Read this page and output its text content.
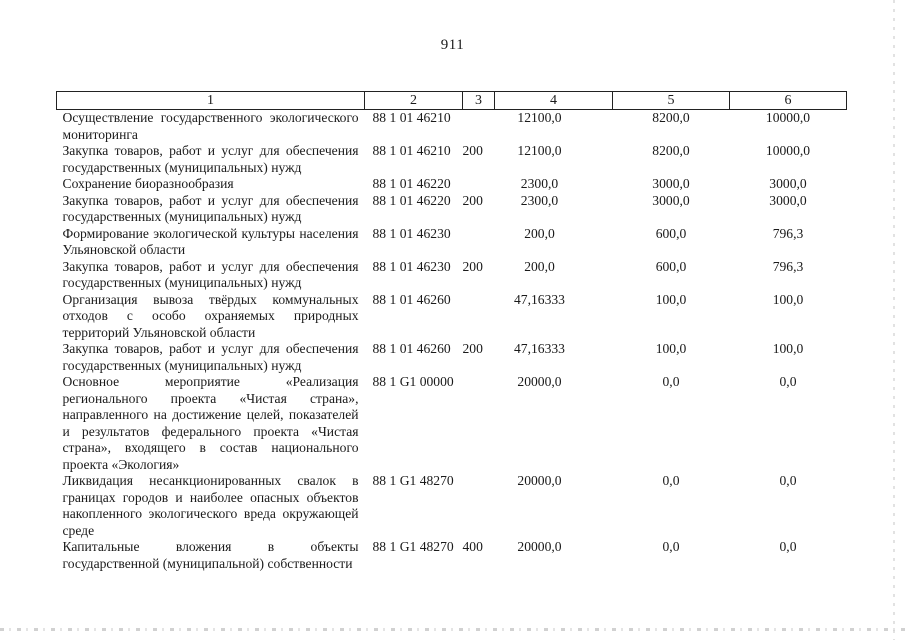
911
1	2	3	4	5	6
Осуществление государственного экологического мониторинга	88 1 01 46210		12100,0	8200,0	10000,0
Закупка товаров, работ и услуг для обеспечения государственных (муниципальных) нужд	88 1 01 46210	200	12100,0	8200,0	10000,0
Сохранение биоразнообразия	88 1 01 46220		2300,0	3000,0	3000,0
Закупка товаров, работ и услуг для обеспечения государственных (муниципальных) нужд	88 1 01 46220	200	2300,0	3000,0	3000,0
Формирование экологической культуры населения Ульяновской области	88 1 01 46230		200,0	600,0	796,3
Закупка товаров, работ и услуг для обеспечения государственных (муниципальных) нужд	88 1 01 46230	200	200,0	600,0	796,3
Организация вывоза твёрдых коммунальных отходов с особо охраняемых природных территорий Ульяновской области	88 1 01 46260		47,16333	100,0	100,0
Закупка товаров, работ и услуг для обеспечения государственных (муниципальных) нужд	88 1 01 46260	200	47,16333	100,0	100,0
Основное мероприятие «Реализация регионального проекта «Чистая страна», направленного на достижение целей, показателей и результатов федерального проекта «Чистая страна», входящего в состав национального проекта «Экология»	88 1 G1 00000		20000,0	0,0	0,0
Ликвидация несанкционированных свалок в границах городов и наиболее опасных объектов накопленного экологического вреда окружающей среде	88 1 G1 48270		20000,0	0,0	0,0
Капитальные вложения в объекты государственной (муниципальной) собственности	88 1 G1 48270	400	20000,0	0,0	0,0
